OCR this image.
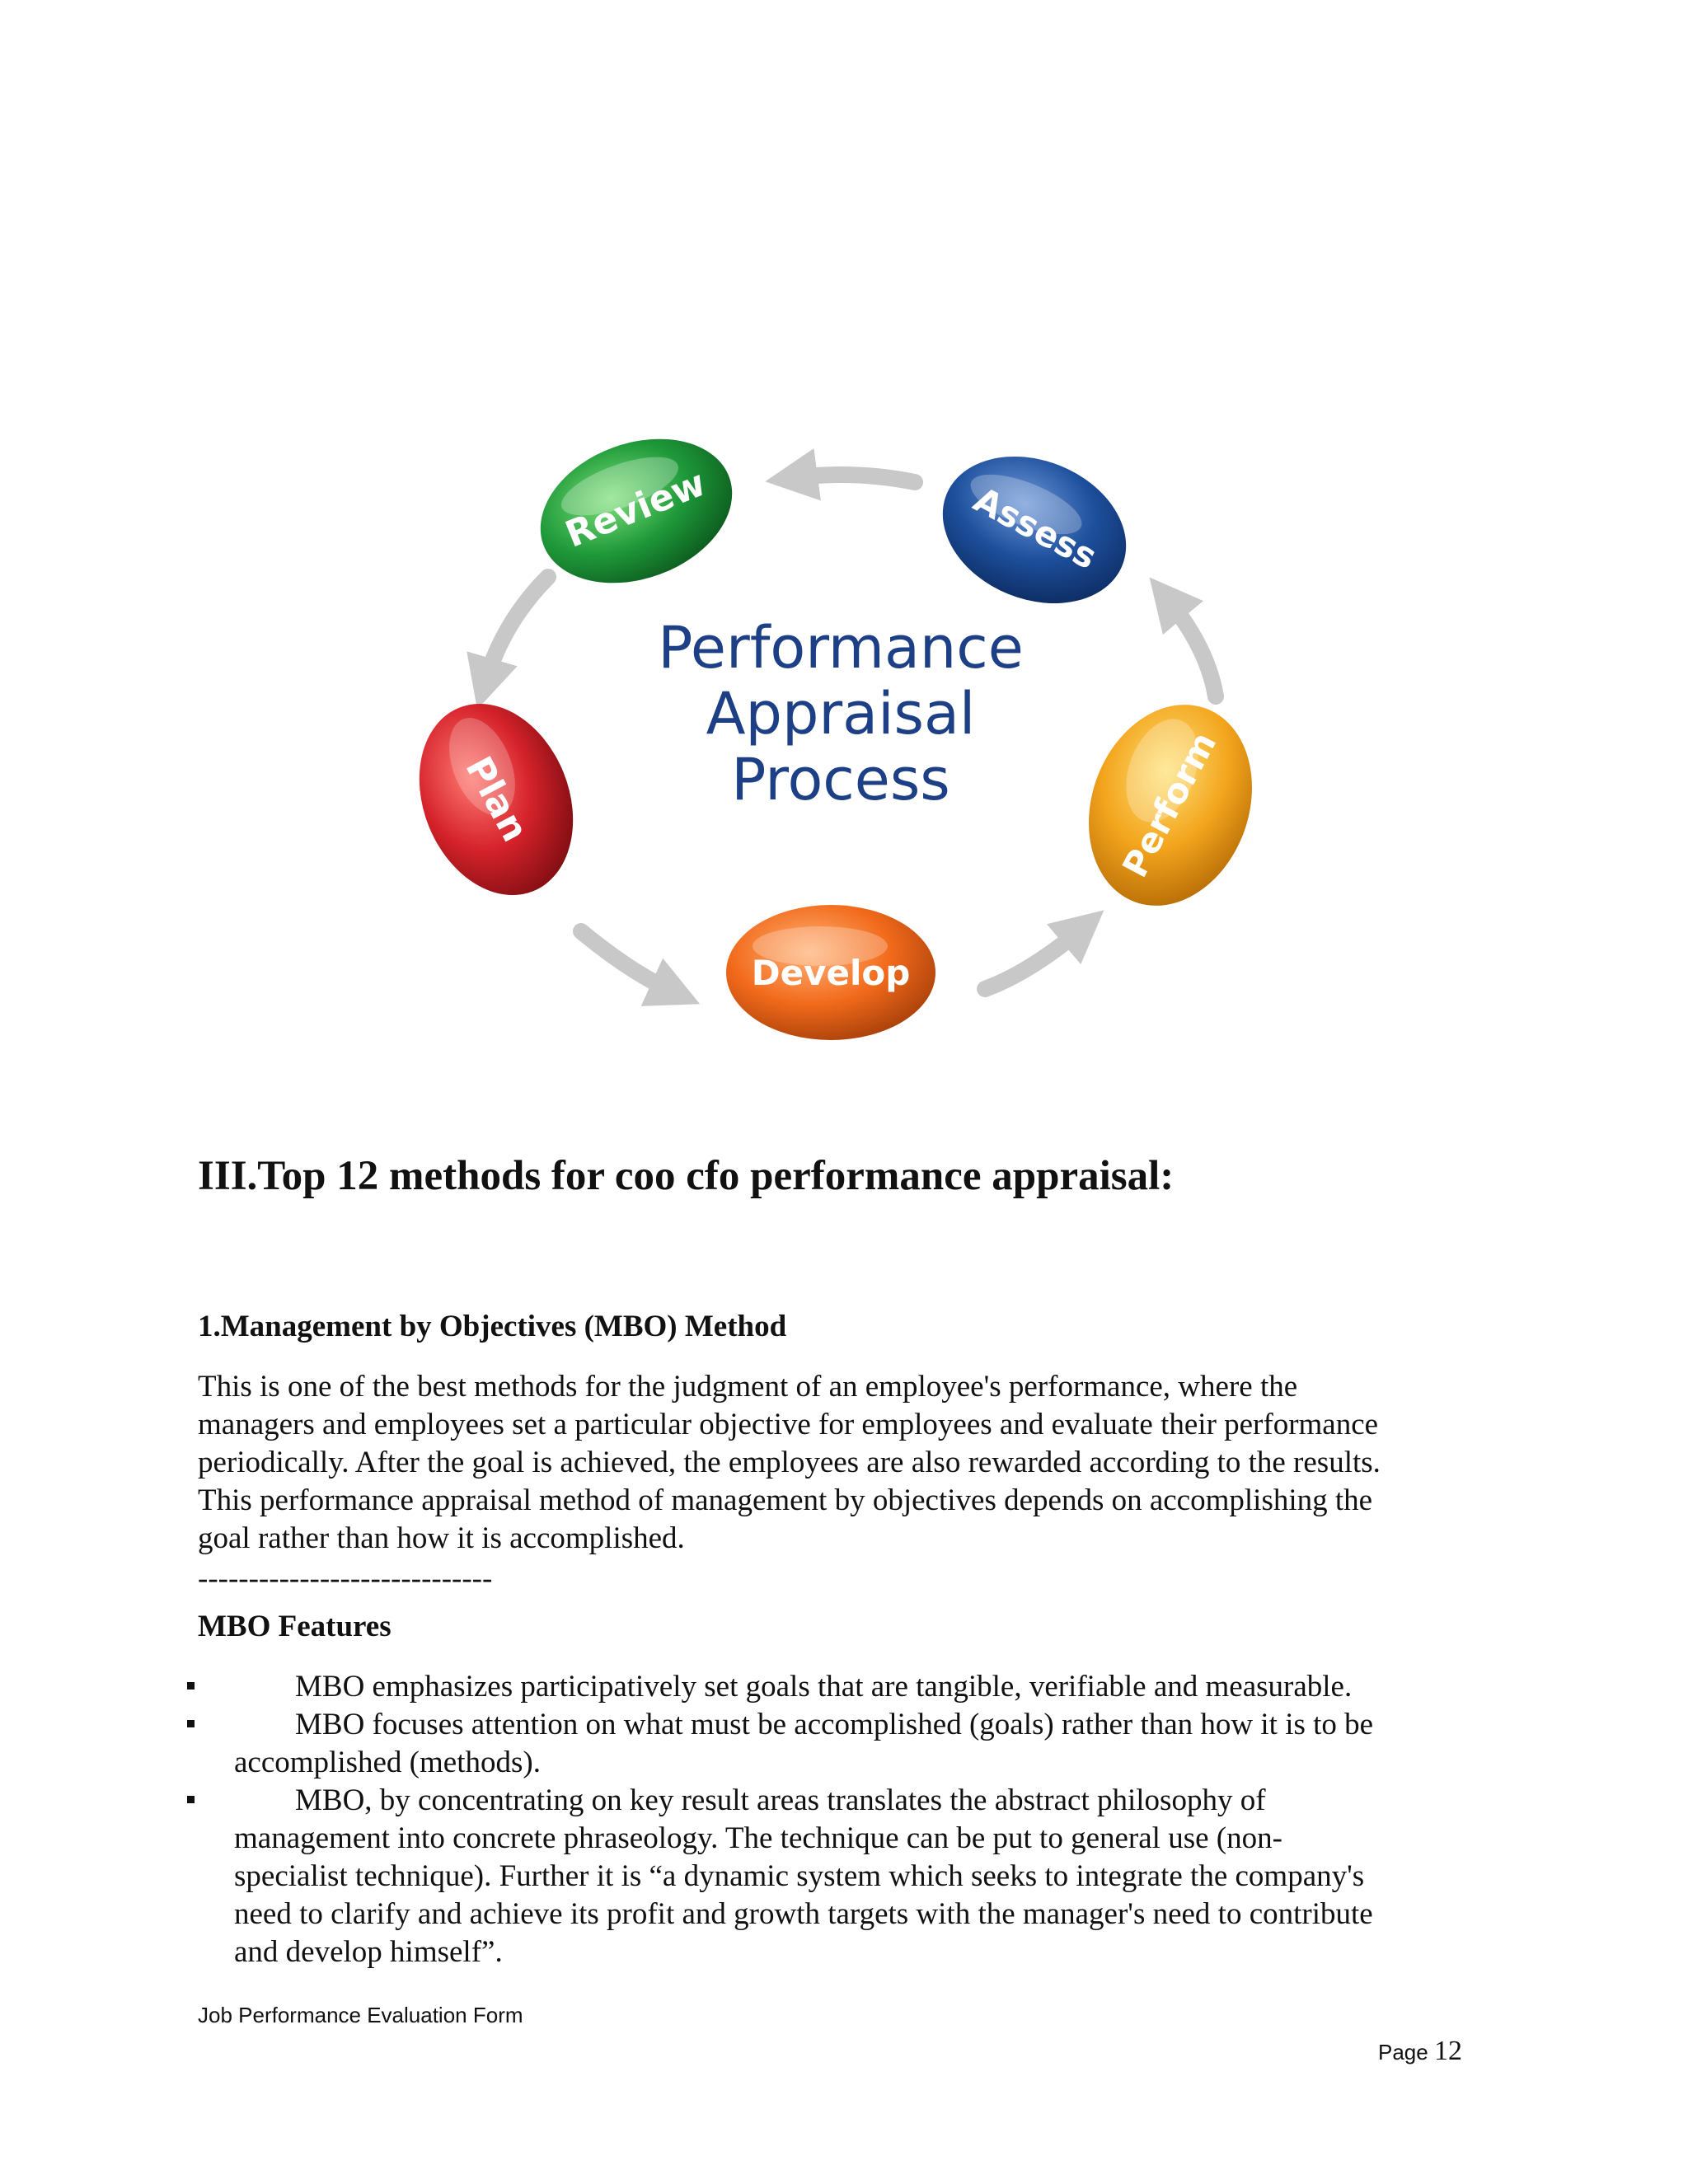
Review	Assess
Plan	Perform
Develop
Performance
Appraisal
Process
III.Top 12 methods for coo cfo performance appraisal:
1.Management by Objectives (MBO) Method
This is one of the best methods for the judgment of an employee's performance, where the
managers and employees set a particular objective for employees and evaluate their performance
periodically. After the goal is achieved, the employees are also rewarded according to the results.
This performance appraisal method of management by objectives depends on accomplishing the
goal rather than how it is accomplished.
-----------------------------
MBO Features
MBO emphasizes participatively set goals that are tangible, verifiable and measurable.
MBO focuses attention on what must be accomplished (goals) rather than how it is to be
accomplished (methods).
MBO, by concentrating on key result areas translates the abstract philosophy of
management into concrete phraseology. The technique can be put to general use (non-
specialist technique). Further it is “a dynamic system which seeks to integrate the company's
need to clarify and achieve its profit and growth targets with the manager's need to contribute
and develop himself”.
Job Performance Evaluation Form
Page 12
